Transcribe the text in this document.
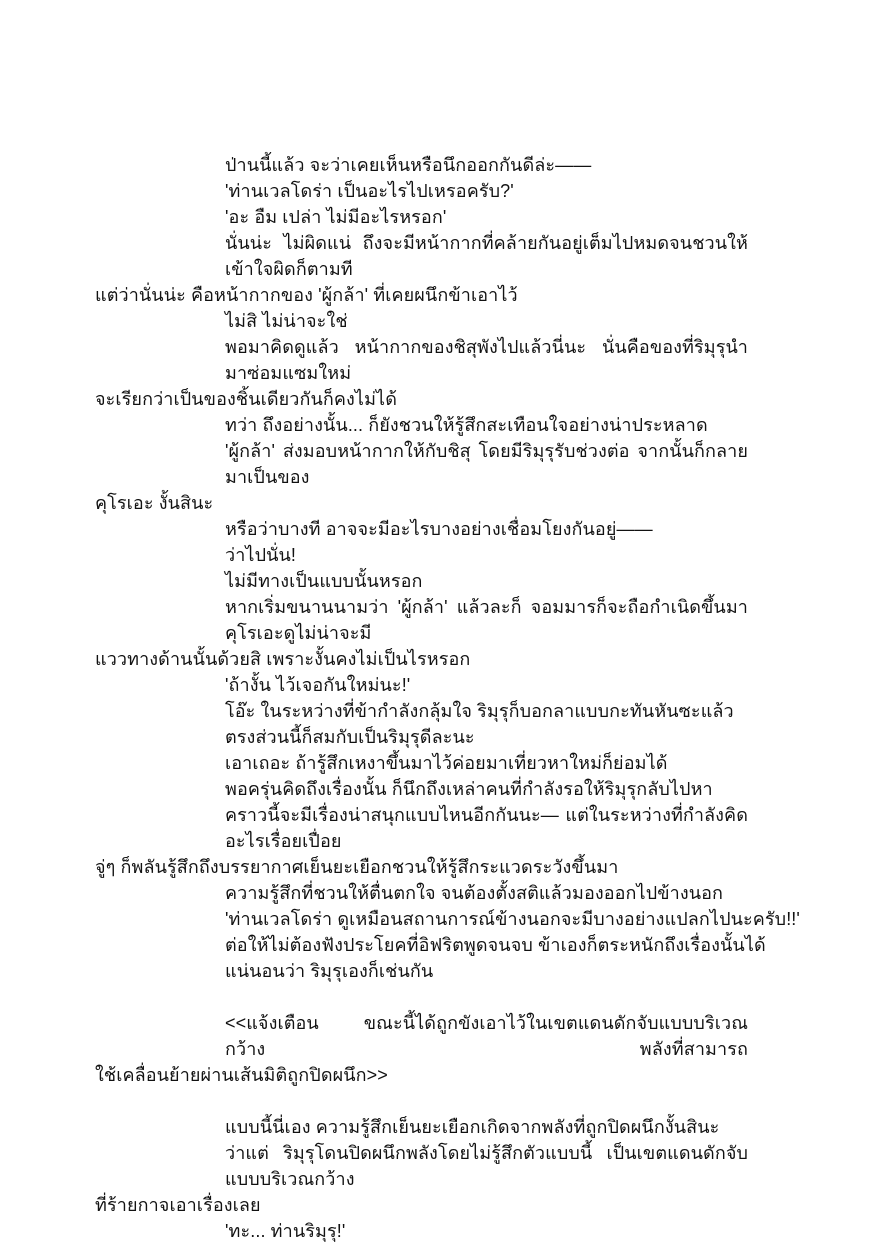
ป่านนี้แล้ว จะว่าเคยเห็นหรือนึกออกกันดีล่ะ——
'ท่านเวลโดร่า เป็นอะไรไปเหรอครับ?'
'อะ อืม เปล่า ไม่มีอะไรหรอก'
นั่นน่ะ ไม่ผิดแน่ ถึงจะมีหน้ากากที่คล้ายกันอยู่เต็มไปหมดจนชวนให้เข้าใจผิดก็ตามที
แต่ว่านั่นน่ะ คือหน้ากากของ 'ผู้กล้า' ที่เคยผนึกข้าเอาไว้
ไม่สิ ไม่น่าจะใช่
พอมาคิดดูแล้ว หน้ากากของชิสุพังไปแล้วนี่นะ นั่นคือของที่ริมุรุนำมาซ่อมแซมใหม่
จะเรียกว่าเป็นของชิ้นเดียวกันก็คงไม่ได้
ทว่า ถึงอย่างนั้น... ก็ยังชวนให้รู้สึกสะเทือนใจอย่างน่าประหลาด
'ผู้กล้า' ส่งมอบหน้ากากให้กับชิสุ โดยมีริมุรุรับช่วงต่อ จากนั้นก็กลายมาเป็นของ
คุโรเอะ งั้นสินะ
หรือว่าบางที อาจจะมีอะไรบางอย่างเชื่อมโยงกันอยู่——
ว่าไปนั่น!
ไม่มีทางเป็นแบบนั้นหรอก
หากเริ่มขนานนามว่า 'ผู้กล้า' แล้วละก็ จอมมารก็จะถือกำเนิดขึ้นมา คุโรเอะดูไม่น่าจะมี
แววทางด้านนั้นด้วยสิ เพราะงั้นคงไม่เป็นไรหรอก
'ถ้างั้น ไว้เจอกันใหม่นะ!'
โอ๊ะ ในระหว่างที่ข้ากำลังกลุ้มใจ ริมุรุก็บอกลาแบบกะทันหันซะแล้ว
ตรงส่วนนี้ก็สมกับเป็นริมุรุดีละนะ
เอาเถอะ ถ้ารู้สึกเหงาขึ้นมาไว้ค่อยมาเที่ยวหาใหม่ก็ย่อมได้
พอครุ่นคิดถึงเรื่องนั้น ก็นึกถึงเหล่าคนที่กำลังรอให้ริมุรุกลับไปหา
คราวนี้จะมีเรื่องน่าสนุกแบบไหนอีกกันนะ— แต่ในระหว่างที่กำลังคิดอะไรเรื่อยเปื่อย
จู่ๆ ก็พลันรู้สึกถึงบรรยากาศเย็นยะเยือกชวนให้รู้สึกระแวดระวังขึ้นมา
ความรู้สึกที่ชวนให้ตื่นตกใจ จนต้องตั้งสติแล้วมองออกไปข้างนอก
'ท่านเวลโดร่า ดูเหมือนสถานการณ์ข้างนอกจะมีบางอย่างแปลกไปนะครับ!!'
ต่อให้ไม่ต้องฟังประโยคที่อิฟริตพูดจนจบ ข้าเองก็ตระหนักถึงเรื่องนั้นได้
แน่นอนว่า ริมุรุเองก็เช่นกัน
<<แจ้งเตือน ขณะนี้ได้ถูกขังเอาไว้ในเขตแดนดักจับแบบบริเวณกว้าง พลังที่สามารถ
ใช้เคลื่อนย้ายผ่านเส้นมิติถูกปิดผนึก>>
แบบนี้นี่เอง ความรู้สึกเย็นยะเยือกเกิดจากพลังที่ถูกปิดผนึกงั้นสินะ
ว่าแต่ ริมุรุโดนปิดผนึกพลังโดยไม่รู้สึกตัวแบบนี้ เป็นเขตแดนดักจับแบบบริเวณกว้าง
ที่ร้ายกาจเอาเรื่องเลย
'ทะ... ท่านริมุรุ!'
